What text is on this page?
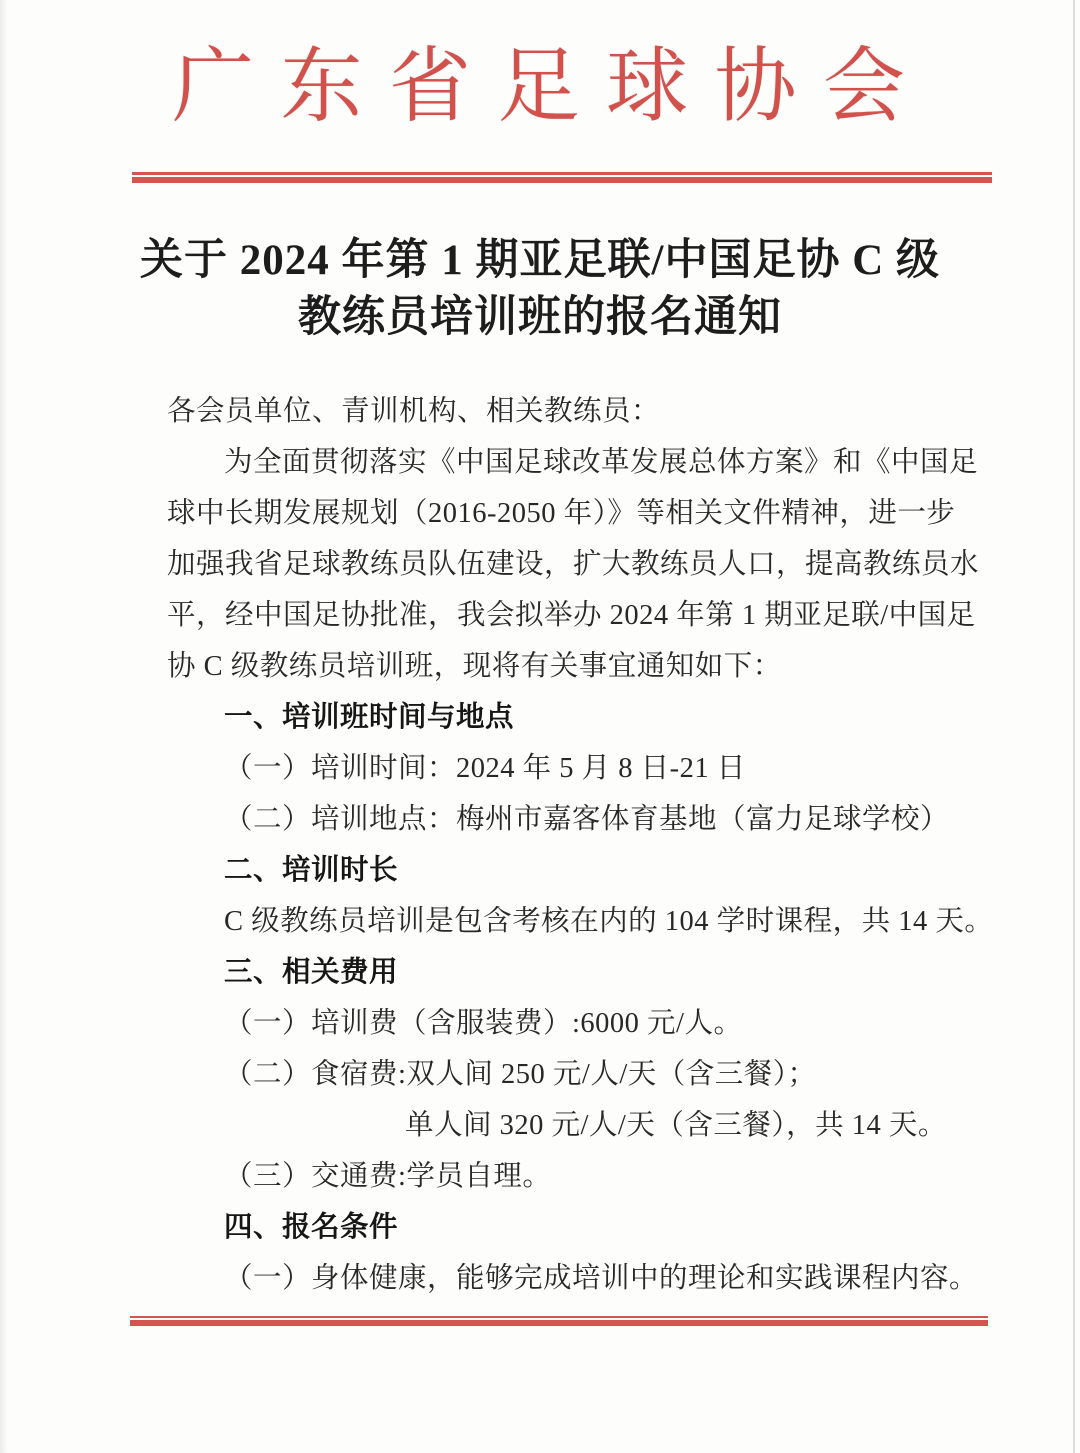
广 东 省 足 球 协 会
关于 2024 年第 1 期亚足联/中国足协 C 级
教练员培训班的报名通知

各会员单位、青训机构、相关教练员：

为全面贯彻落实《中国足球改革发展总体方案》和《中国足

球中长期发展规划（2016-2050 年）》等相关文件精神，进一步

加强我省足球教练员队伍建设，扩大教练员人口，提高教练员水

平，经中国足协批准，我会拟举办 2024 年第 1 期亚足联/中国足

协 C 级教练员培训班，现将有关事宜通知如下：

一、培训班时间与地点

（一）培训时间：2024 年 5 月 8 日-21 日

（二）培训地点：梅州市嘉客体育基地（富力足球学校）

二、培训时长

C 级教练员培训是包含考核在内的 104 学时课程，共 14 天。

三、相关费用

（一）培训费（含服装费）:6000 元/人。

（二）食宿费:双人间 250 元/人/天（含三餐）；

单人间 320 元/人/天（含三餐），共 14 天。

（三）交通费:学员自理。

四、报名条件

（一）身体健康，能够完成培训中的理论和实践课程内容。
